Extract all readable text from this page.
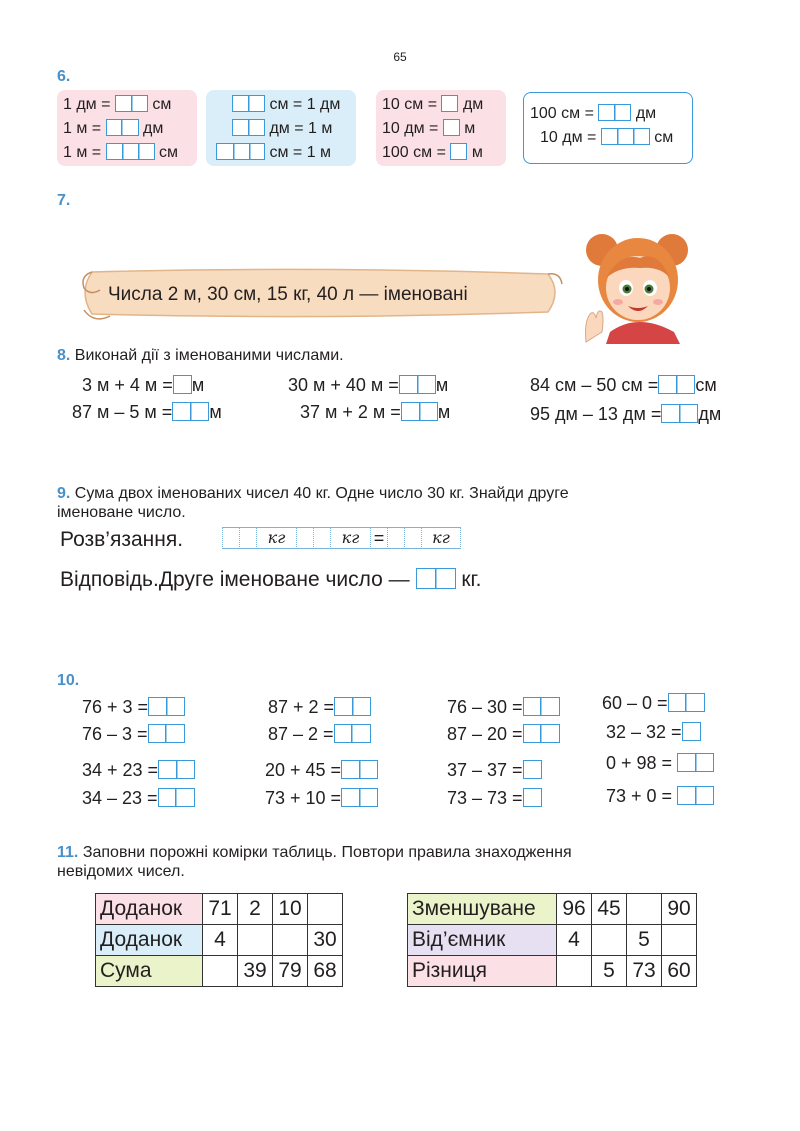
65
6.
1 дм =	см
1 м =	дм
1 м =	см
см = 1 дм
дм = 1 м
см = 1 м
10 см = дм
10 дм = м
100 см = м
100 см =	дм
10 дм =	см
7.
Числа 2 м, 30 см, 15 кг, 40 л — іменовані
8. Виконай дії з іменованими числами.
3 м + 4 м = м	30 м + 40 м = м	84 см – 50 см = см
87 м – 5 м = м	37 м + 2 м = м	95 дм – 13 дм = дм
9. Сума двох іменованих чисел 40 кг. Одне число 30 кг. Знайди друге
іменоване число.
Розв’язання.	кг	кг =	кг
Відповідь.Друге іменоване число — кг.
10.
76 + 3 =
76 – 3 =
34 + 23 =
34 – 23 =
87 + 2 =
87 – 2 =
20 + 45 =
73 + 10 =
76 – 30 =
87 – 20 =
37 – 37 =
73 – 73 =
60 – 0 =
32 – 32 =
0 + 98 =
73 + 0 =
11. Заповни порожні комірки таблиць. Повтори правила знаходження
невідомих чисел.
Доданок	71	2	10	
Доданок	4			30
Сума		39	79	68
Зменшуване	96	45		90
Від’ємник	4		5	
Різниця		5	73	60
